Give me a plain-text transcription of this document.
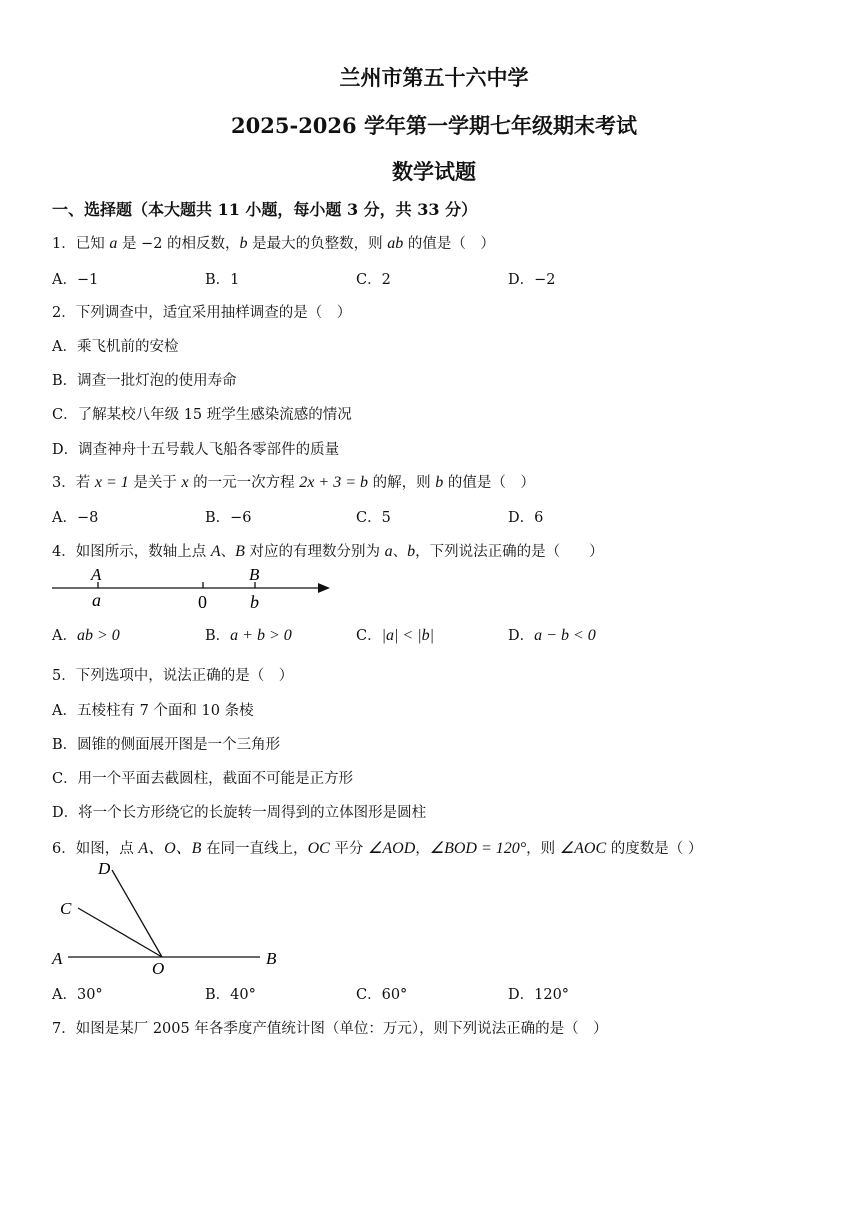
兰州市第五十六中学
2025-2026 学年第一学期七年级期末考试
数学试题
一、选择题（本大题共 11 小题，每小题 3 分，共 33 分）
1．已知 a 是 −2 的相反数，b 是最大的负整数，则 ab 的值是（　）
A．−1	B．1	C．2	D．−2
2．下列调查中，适宜采用抽样调查的是（　）
A．乘飞机前的安检
B．调查一批灯泡的使用寿命
C．了解某校八年级 15 班学生感染流感的情况
D．调查神舟十五号载人飞船各零部件的质量
3．若 x = 1 是关于 x 的一元一次方程 2x + 3 = b 的解，则 b 的值是（　）
A．−8	B．−6	C．5	D．6
4．如图所示，数轴上点 A、B 对应的有理数分别为 a、b，下列说法正确的是（　　）
A
a	0
B
b
A．ab > 0	B．a + b > 0	C．|a| < |b|	D．a − b < 0
5．下列选项中，说法正确的是（　）
A．五棱柱有 7 个面和 10 条棱
B．圆锥的侧面展开图是一个三角形
C．用一个平面去截圆柱，截面不可能是正方形
D．将一个长方形绕它的长旋转一周得到的立体图形是圆柱
6．如图，点 A、O、B 在同一直线上，OC 平分 ∠AOD，∠BOD = 120°，则 ∠AOC 的度数是（ ）
D
C
A
O
B
A．30°	B．40°	C．60°	D．120°
7．如图是某厂 2005 年各季度产值统计图（单位：万元），则下列说法正确的是（　）
